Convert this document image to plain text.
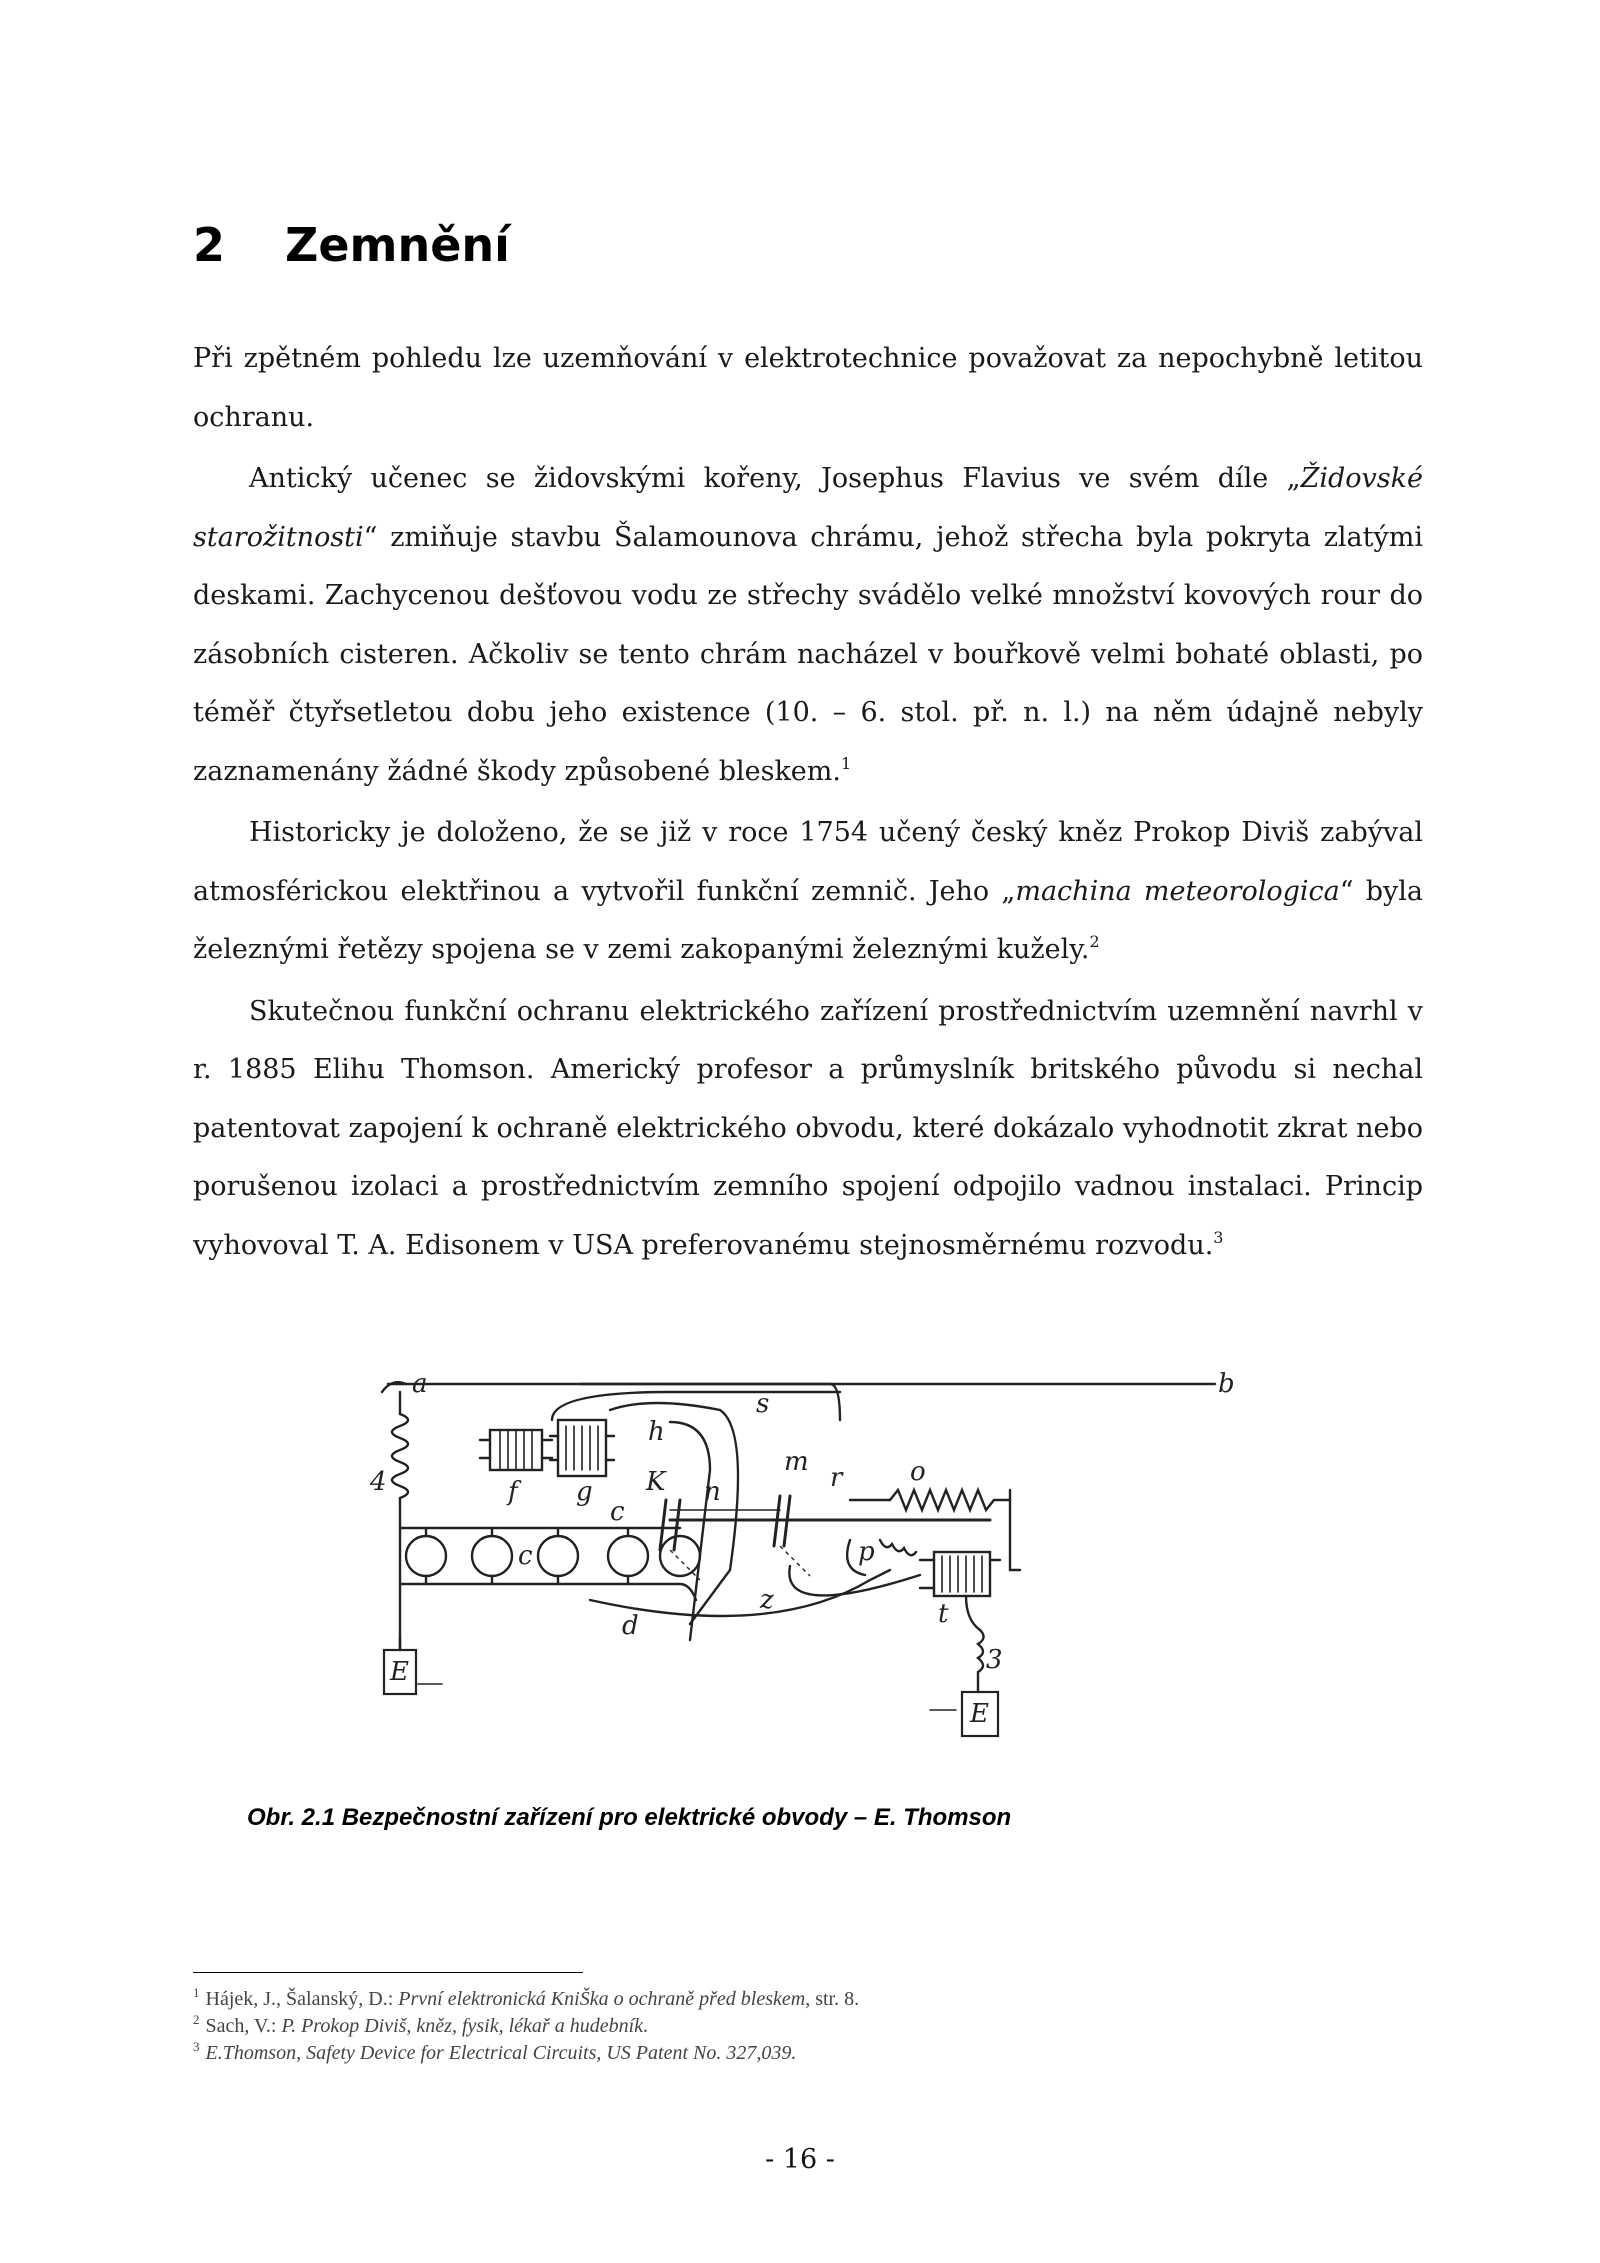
2 Zemnění

Při zpětném pohledu lze uzemňování v elektrotechnice považovat za nepochybně letitou ochranu.

Antický učenec se židovskými kořeny, Josephus Flavius ve svém díle „Židovské starožitnosti“ zmiňuje stavbu Šalamounova chrámu, jehož střecha byla pokryta zlatými deskami. Zachycenou dešťovou vodu ze střechy svádělo velké množství kovových rour do zásobních cisteren. Ačkoliv se tento chrám nacházel v bouřkově velmi bohaté oblasti, po téměř čtyřsetletou dobu jeho existence (10. – 6. stol. př. n. l.) na něm údajně nebyly zaznamenány žádné škody způsobené bleskem.$^1$

Historicky je doloženo, že se již v roce 1754 učený český kněz Prokop Diviš zabýval atmosférickou elektřinou a vytvořil funkční zemnič. Jeho „machina meteorologica“ byla železnými řetězy spojena se v zemi zakopanými železnými kužely.$^2$

Skutečnou funkční ochranu elektrického zařízení prostřednictvím uzemnění navrhl v r. 1885 Elihu Thomson. Americký profesor a průmyslník britského původu si nechal patentovat zapojení k ochraně elektrického obvodu, které dokázalo vyhodnotit zkrat nebo porušenou izolaci a prostřednictvím zemního spojení odpojilo vadnou instalaci. Princip vyhovoval T. A. Edisonem v USA preferovanému stejnosměrnému rozvodu.$^3$

a	b
f g
h
K n
m
r	o
s
c
c	p
t
d
z
4
3
E
E

Obr. 2.1 Bezpečnostní zařízení pro elektrické obvody – E. Thomson

$^1$ Hájek, J., Šalanský, D.: První elektronická KniŠka o ochraně před bleskem, str. 8.

$^2$ Sach, V.: P. Prokop Diviš, kněz, fysik, lékař a hudebník.

$^3$ E.Thomson, Safety Device for Electrical Circuits, US Patent No. 327,039.

- 16 -
